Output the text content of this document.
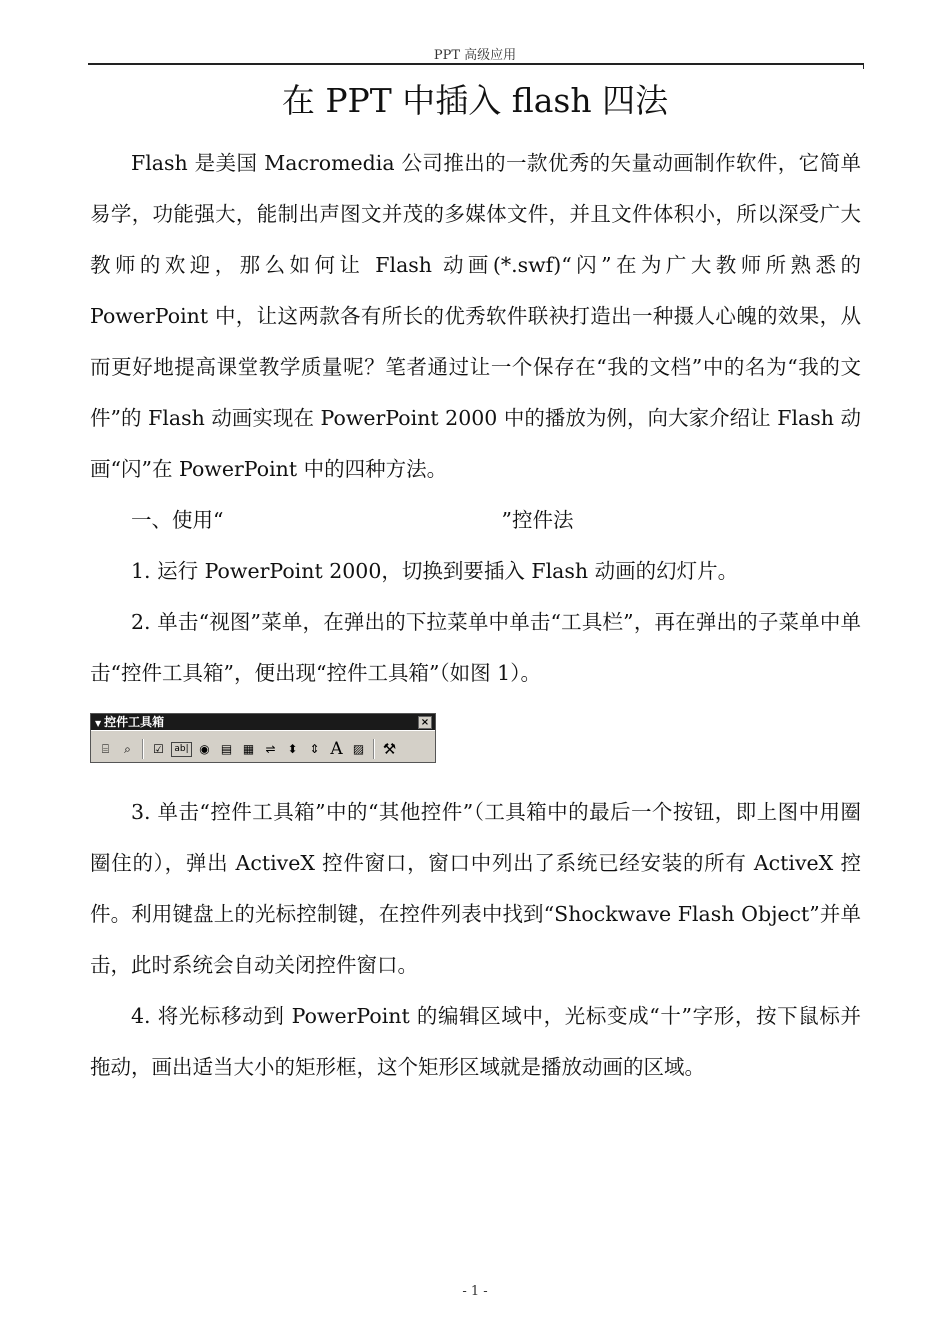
PPT 高级应用
在 PPT 中插入 flash 四法

Flash 是美国 Macromedia 公司推出的一款优秀的矢量动画制作软件，它简单易学，功能强大，能制出声图文并茂的多媒体文件，并且文件体积小，所以深受广大教师的欢迎，那么如何让 Flash 动画(*.swf)“闪”在为广大教师所熟悉的 PowerPoint 中，让这两款各有所长的优秀软件联袂打造出一种摄人心魄的效果，从而更好地提高课堂教学质量呢？笔者通过让一个保存在“我的文档”中的名为“我的文件”的 Flash 动画实现在 PowerPoint 2000 中的播放为例，向大家介绍让 Flash 动画“闪”在 PowerPoint 中的四种方法。

一、使用“	”控件法

1. 运行 PowerPoint 2000，切换到要插入 Flash 动画的幻灯片。

2. 单击“视图”菜单，在弹出的下拉菜单中单击“工具栏”，再在弹出的子菜单中单击“控件工具箱”，便出现“控件工具箱”（如图 1）。

▼ 控件工具箱	×
⌸	⌕	☑	ab| ◉ ▤ ▦ ⇌ ⬍ ⇕ A ▨ ⚒

3. 单击“控件工具箱”中的“其他控件”（工具箱中的最后一个按钮，即上图中用圈圈住的），弹出 ActiveX 控件窗口，窗口中列出了系统已经安装的所有 ActiveX 控件。利用键盘上的光标控制键，在控件列表中找到“Shockwave Flash Object”并单击，此时系统会自动关闭控件窗口。

4. 将光标移动到 PowerPoint 的编辑区域中，光标变成“十”字形，按下鼠标并拖动，画出适当大小的矩形框，这个矩形区域就是播放动画的区域。

- 1 -
